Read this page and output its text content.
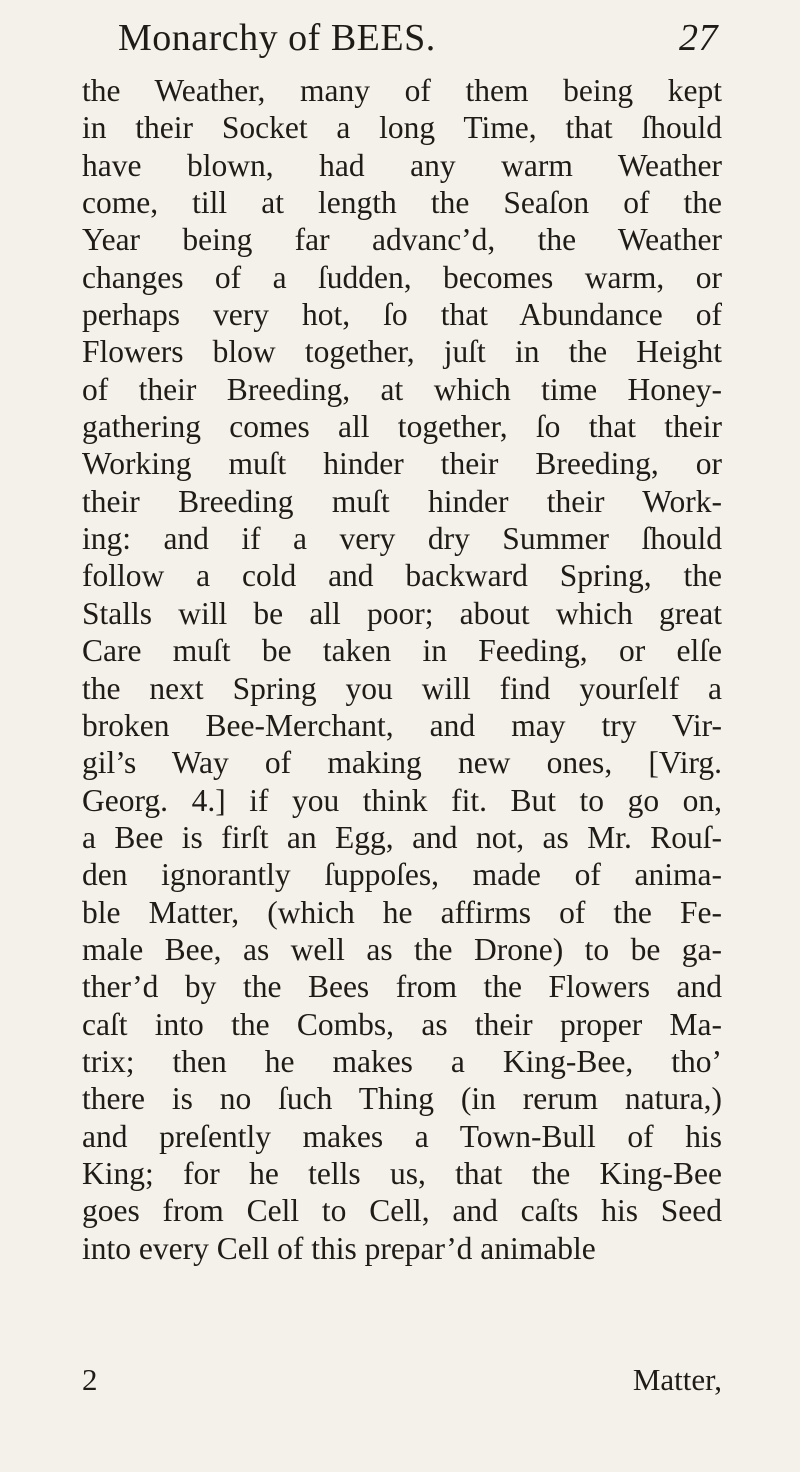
Monarchy of BEES.	27
the Weather, many of them being kept
in their Socket a long Time, that ſhould
have blown, had any warm Weather
come, till at length the Seaſon of the
Year being far advanc’d, the Weather
changes of a ſudden, becomes warm, or
perhaps very hot, ſo that Abundance of
Flowers blow together, juſt in the Height
of their Breeding, at which time Honey-
gathering comes all together, ſo that their
Working muſt hinder their Breeding, or
their Breeding muſt hinder their Work-
ing: and if a very dry Summer ſhould
follow a cold and backward Spring, the
Stalls will be all poor; about which great
Care muſt be taken in Feeding, or elſe
the next Spring you will find yourſelf a
broken Bee-Merchant, and may try Vir-
gil’s Way of making new ones, [Virg.
Georg. 4.] if you think fit. But to go on,
a Bee is firſt an Egg, and not, as Mr. Rouſ-
den ignorantly ſuppoſes, made of anima-
ble Matter, (which he affirms of the Fe-
male Bee, as well as the Drone) to be ga-
ther’d by the Bees from the Flowers and
caſt into the Combs, as their proper Ma-
trix; then he makes a King-Bee, tho’
there is no ſuch Thing (in rerum natura,)
and preſently makes a Town-Bull of his
King; for he tells us, that the King-Bee
goes from Cell to Cell, and caſts his Seed
into every Cell of this prepar’d animable
2	Matter,
